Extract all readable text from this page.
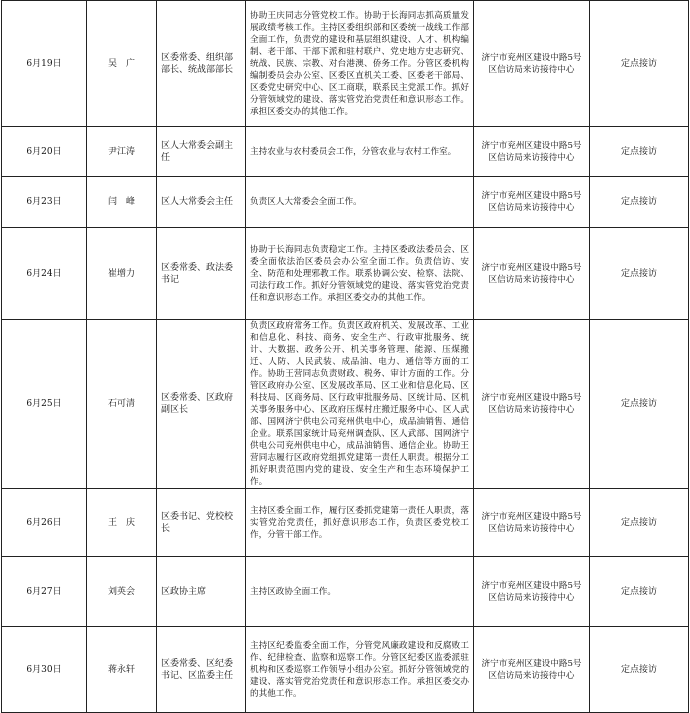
6月19日	吴　广	区委常委、组织部部长、统战部部长	协助王庆同志分管党校工作。协助于长海同志抓高质量发展政绩考核工作。主持区委组织部和区委统一战线工作部全面工作，负责党的建设和基层组织建设、人才、机构编制、老干部、干部下派和驻村联户、党史地方史志研究、统战、民族、宗教、对台港澳、侨务工作。分管区委机构编制委员会办公室、区委区直机关工委、区委老干部局、区委党史研究中心、区工商联，联系民主党派工作。抓好分管领域党的建设、落实管党治党责任和意识形态工作。承担区委交办的其他工作。	济宁市兖州区建设中路5号区信访局来访接待中心	定点接访
6月20日	尹江涛	区人大常委会副主任	主持农业与农村委员会工作，分管农业与农村工作室。	济宁市兖州区建设中路5号区信访局来访接待中心	定点接访
6月23日	闫　峰	区人大常委会主任	负责区人大常委会全面工作。	济宁市兖州区建设中路5号区信访局来访接待中心	定点接访
6月24日	崔增力	区委常委、政法委书记	协助于长海同志负责稳定工作。主持区委政法委员会、区委全面依法治区委员会办公室全面工作。负责信访、安全、防范和处理邪教工作。联系协调公安、检察、法院、司法行政工作。抓好分管领域党的建设、落实管党治党责任和意识形态工作。承担区委交办的其他工作。	济宁市兖州区建设中路5号区信访局来访接待中心	定点接访
6月25日	石可清	区委常委、区政府副区长	负责区政府常务工作。负责区政府机关、发展改革、工业和信息化、科技、商务、安全生产、行政审批服务、统计、大数据、政务公开、机关事务管理、能源、压煤搬迁、人防、人民武装、成品油、电力、通信等方面的工作。协助王营同志负责财政、税务、审计方面的工作。分管区政府办公室、区发展改革局、区工业和信息化局、区科技局、区商务局、区行政审批服务局、区统计局、区机关事务服务中心、区政府压煤村庄搬迁服务中心、区人武部、国网济宁供电公司兖州供电中心，成品油销售、通信企业。联系国家统计局兖州调查队、区人武部、国网济宁供电公司兖州供电中心，成品油销售、通信企业。协助王营同志履行区政府党组抓党建第一责任人职责。根据分工抓好职责范围内党的建设、安全生产和生态环境保护工作。	济宁市兖州区建设中路5号区信访局来访接待中心	定点接访
6月26日	王　庆	区委书记、党校校长	主持区委全面工作，履行区委抓党建第一责任人职责，落实管党治党责任，抓好意识形态工作，负责区委党校工作，分管干部工作。	济宁市兖州区建设中路5号区信访局来访接待中心	定点接访
6月27日	刘英会	区政协主席	主持区政协全面工作。	济宁市兖州区建设中路5号区信访局来访接待中心	定点接访
6月30日	蒋永轩	区委常委、区纪委书记、区监委主任	主持区纪委监委全面工作，分管党风廉政建设和反腐败工作、纪律检查、监察和巡察工作。分管区纪委区监委派驻机构和区委巡察工作领导小组办公室。抓好分管领域党的建设、落实管党治党责任和意识形态工作。承担区委交办的其他工作。	济宁市兖州区建设中路5号区信访局来访接待中心	定点接访
